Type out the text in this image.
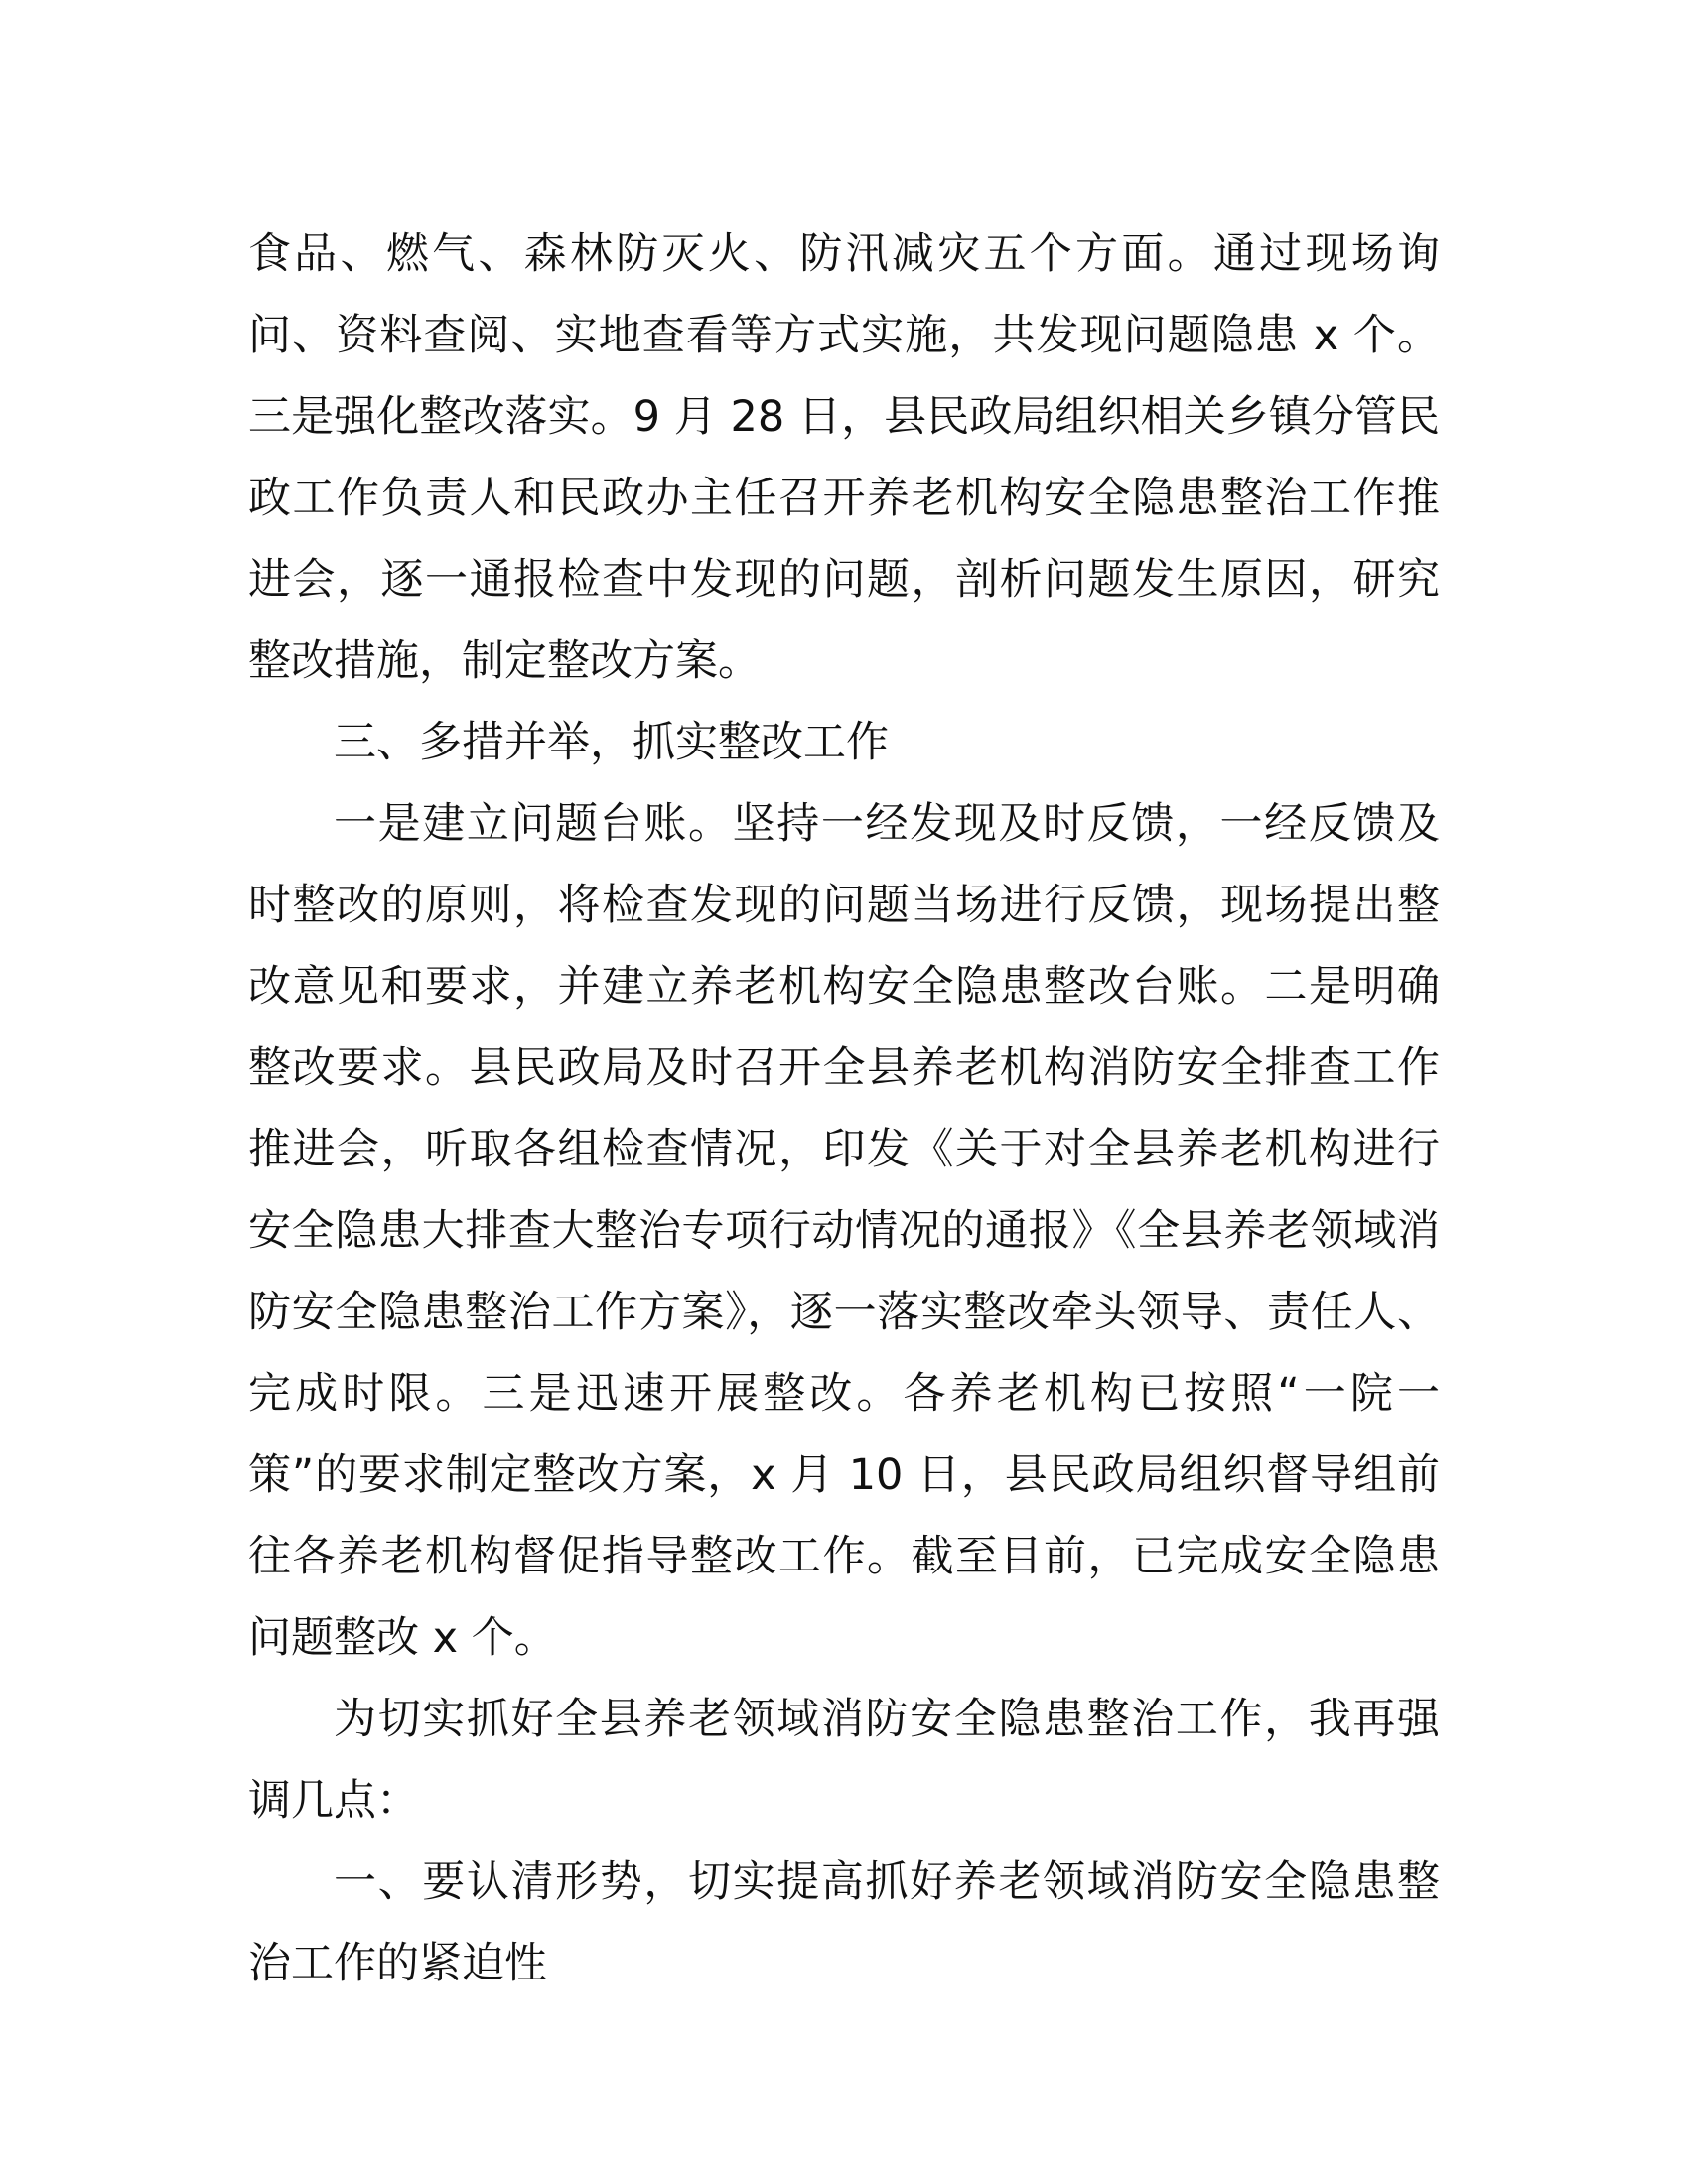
食品、燃气、森林防灭火、防汛减灾五个方面。通过现场询问、资料查阅、实地查看等方式实施，共发现问题隐患 x 个。三是强化整改落实。9 月 28 日，县民政局组织相关乡镇分管民政工作负责人和民政办主任召开养老机构安全隐患整治工作推进会，逐一通报检查中发现的问题，剖析问题发生原因，研究整改措施，制定整改方案。

三、多措并举，抓实整改工作

一是建立问题台账。坚持一经发现及时反馈，一经反馈及时整改的原则，将检查发现的问题当场进行反馈，现场提出整改意见和要求，并建立养老机构安全隐患整改台账。二是明确整改要求。县民政局及时召开全县养老机构消防安全排查工作推进会，听取各组检查情况，印发《关于对全县养老机构进行安全隐患大排查大整治专项行动情况的通报》《全县养老领域消防安全隐患整治工作方案》，逐一落实整改牵头领导、责任人、完成时限。三是迅速开展整改。各养老机构已按照“一院一策”的要求制定整改方案，x 月 10 日，县民政局组织督导组前往各养老机构督促指导整改工作。截至目前，已完成安全隐患问题整改 x 个。

为切实抓好全县养老领域消防安全隐患整治工作，我再强调几点：

一、要认清形势，切实提高抓好养老领域消防安全隐患整治工作的紧迫性
